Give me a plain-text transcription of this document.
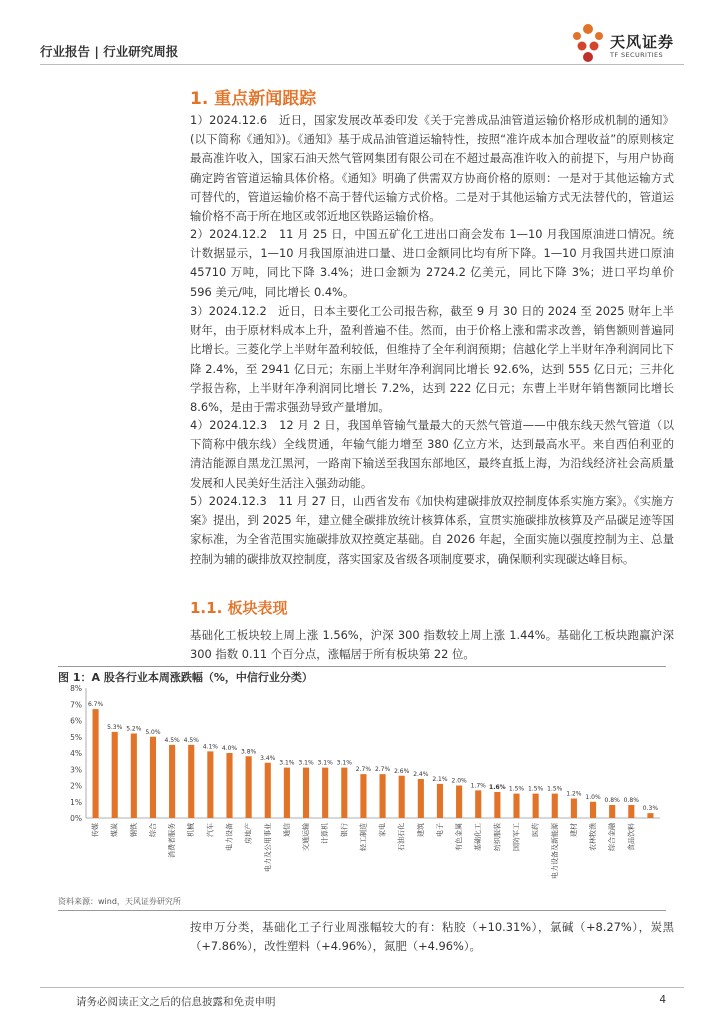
行业报告 | 行业研究周报
天风证券
TF SECURITIES
1. 重点新闻跟踪
1）2024.12.6　近日，国家发展改革委印发《关于完善成品油管道运输价格形成机制的通知》(以下简称《通知》)。《通知》基于成品油管道运输特性，按照“准许成本加合理收益”的原则核定最高准许收入，国家石油天然气管网集团有限公司在不超过最高准许收入的前提下，与用户协商确定跨省管道运输具体价格。《通知》明确了供需双方协商价格的原则：一是对于其他运输方式可替代的，管道运输价格不高于替代运输方式价格。二是对于其他运输方式无法替代的，管道运输价格不高于所在地区或邻近地区铁路运输价格。
2）2024.12.2　11 月 25 日，中国五矿化工进出口商会发布 1—10 月我国原油进口情况。统计数据显示，1—10 月我国原油进口量、进口金额同比均有所下降。1—10 月我国共进口原油 45710 万吨，同比下降 3.4%；进口金额为 2724.2 亿美元，同比下降 3%；进口平均单价 596 美元/吨，同比增长 0.4%。
3）2024.12.2　近日，日本主要化工公司报告称，截至 9 月 30 日的 2024 至 2025 财年上半财年，由于原材料成本上升，盈利普遍不佳。然而，由于价格上涨和需求改善，销售额则普遍同比增长。三菱化学上半财年盈利较低，但维持了全年利润预期；信越化学上半财年净利润同比下降 2.4%，至 2941 亿日元；东丽上半财年净利润同比增长 92.6%，达到 555 亿日元；三井化学报告称，上半财年净利润同比增长 7.2%，达到 222 亿日元；东曹上半财年销售额同比增长 8.6%，是由于需求强劲导致产量增加。
4）2024.12.3　12 月 2 日，我国单管输气量最大的天然气管道——中俄东线天然气管道（以下简称中俄东线）全线贯通，年输气能力增至 380 亿立方米，达到最高水平。来自西伯利亚的清洁能源自黑龙江黑河，一路南下输送至我国东部地区，最终直抵上海，为沿线经济社会高质量发展和人民美好生活注入强劲动能。
5）2024.12.3　11 月 27 日，山西省发布《加快构建碳排放双控制度体系实施方案》。《实施方案》提出，到 2025 年，建立健全碳排放统计核算体系，宣贯实施碳排放核算及产品碳足迹等国家标准，为全省范围实施碳排放双控奠定基础。自 2026 年起，全面实施以强度控制为主、总量控制为辅的碳排放双控制度，落实国家及省级各项制度要求，确保顺利实现碳达峰目标。
1.1. 板块表现
基础化工板块较上周上涨 1.56%，沪深 300 指数较上周上涨 1.44%。基础化工板块跑赢沪深 300 指数 0.11 个百分点，涨幅居于所有板块第 22 位。
图 1：A 股各行业本周涨跌幅（%，中信行业分类）
0%
1%
2%
3%
4%
5%
6%
7%
8%
6.7%
传媒
5.3%
煤炭
5.2%
钢铁
5.0%
综合
4.5%
消费者服务
4.5%
机械
4.1%
汽车
4.0%
电力设备
3.8%
房地产
3.4%
电力及公用事业
3.1%
通信
3.1%
交通运输
3.1%
计算机
3.1%
银行
2.7%
轻工制造
2.7%
家电
2.6%
石油石化
2.4%
建筑
2.1%
电子
2.0%
有色金属
1.7%
基础化工
1.6%
纺织服装
1.5%
国防军工
1.5%
医药
1.5%
电力设备及新能源
1.2%
建材
1.0%
农林牧渔
0.8%
综合金融
0.8%
食品饮料
0.3%
资料来源：wind，天风证券研究所
按申万分类，基础化工子行业周涨幅较大的有：粘胶（+10.31%），氯碱（+8.27%），炭黑（+7.86%），改性塑料（+4.96%），氮肥（+4.96%）。
请务必阅读正文之后的信息披露和免责申明	4
